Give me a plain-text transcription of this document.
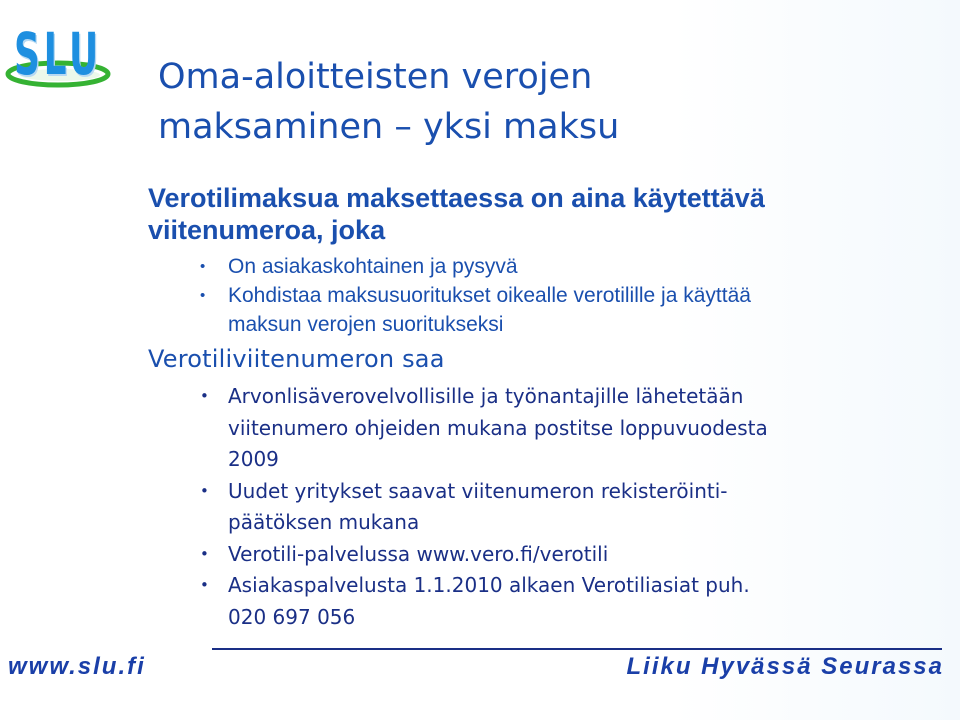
SLU Oma-aloitteisten verojen
maksaminen – yksi maksu
Verotilimaksua maksettaessa on aina käytettävä
viitenumeroa, joka
• On asiakaskohtainen ja pysyvä
• Kohdistaa maksusuoritukset oikealle verotilille ja käyttää
maksun verojen suoritukseksi
Verotiliviitenumeron saa
• Arvonlisäverovelvollisille ja työnantajille lähetetään
viitenumero ohjeiden mukana postitse loppuvuodesta
2009
• Uudet yritykset saavat viitenumeron rekisteröinti-
päätöksen mukana
• Verotili-palvelussa www.vero.fi/verotili
• Asiakaspalvelusta 1.1.2010 alkaen Verotiliasiat puh.
020 697 056
www.slu.fi	Liiku Hyvässä Seurassa
